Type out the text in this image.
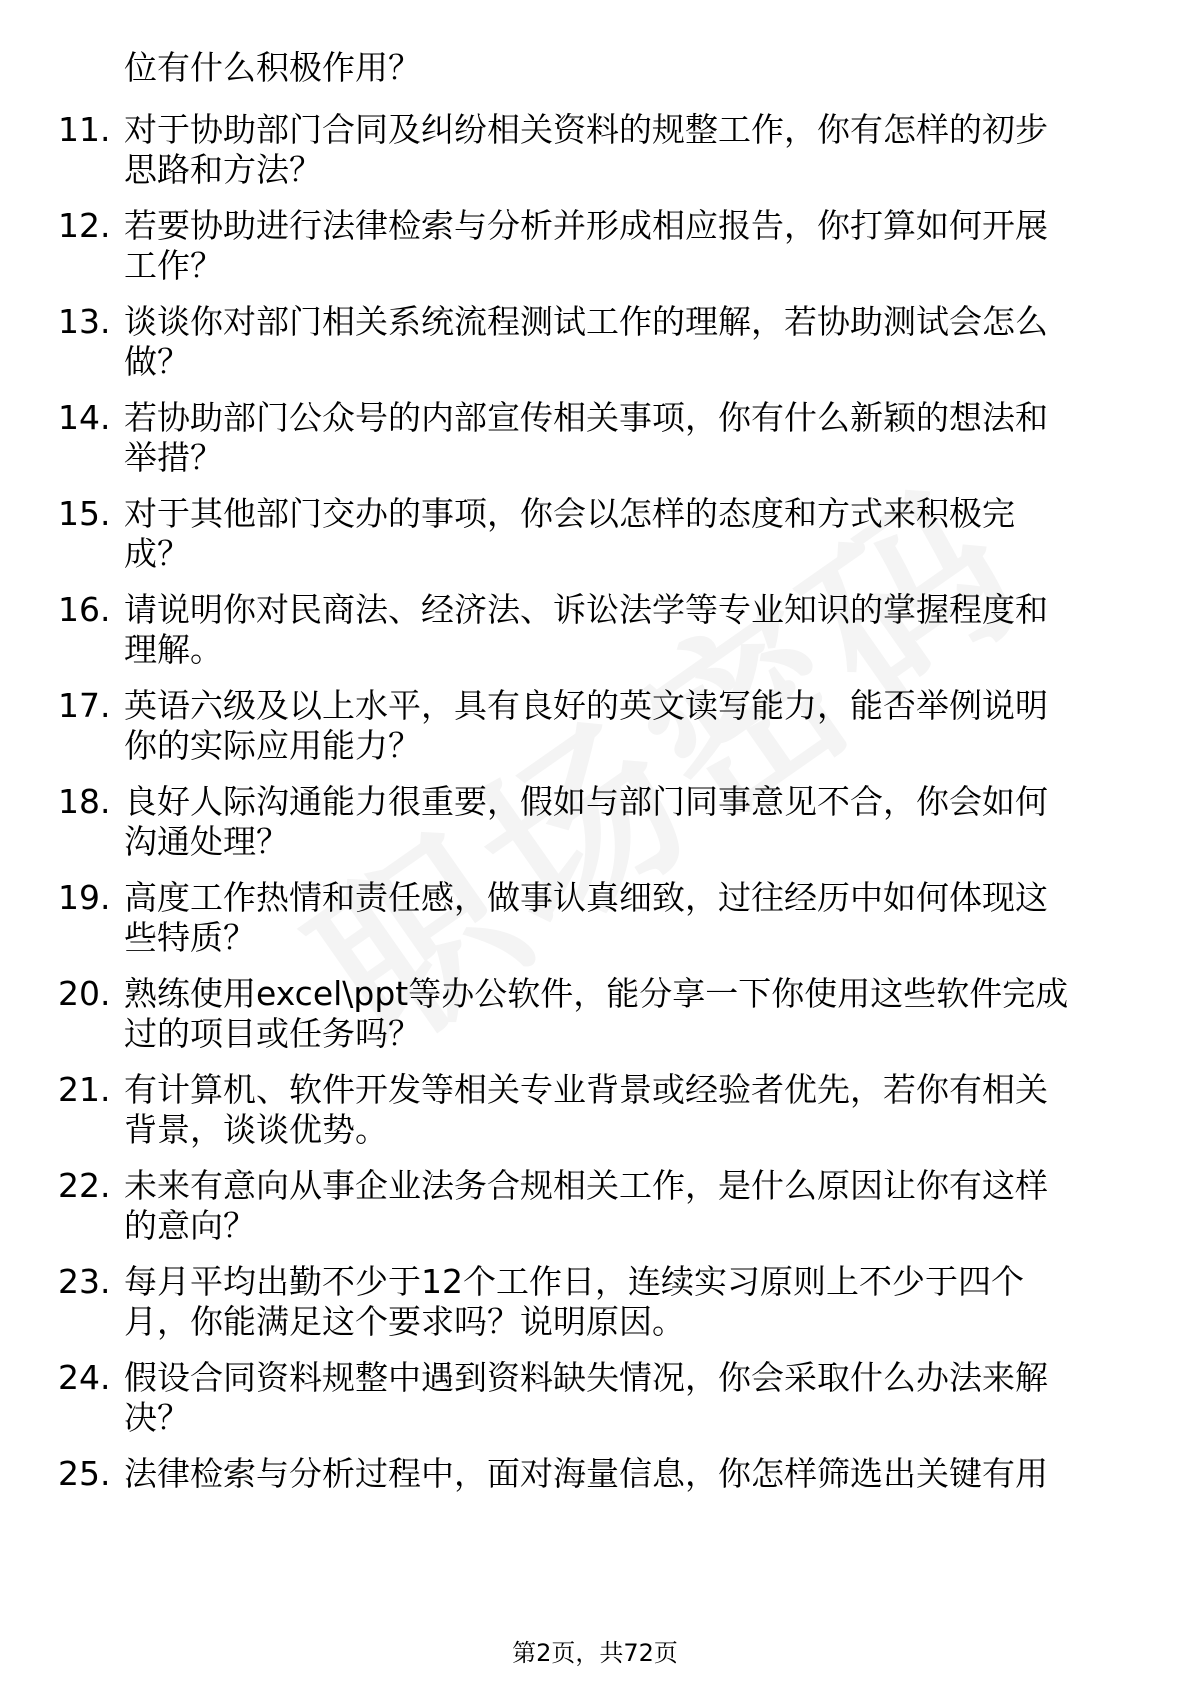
位有什么积极作用？
11. 对于协助部门合同及纠纷相关资料的规整工作，你有怎样的初步
思路和方法？
12. 若要协助进行法律检索与分析并形成相应报告，你打算如何开展
工作？
13. 谈谈你对部门相关系统流程测试工作的理解，若协助测试会怎么
做？
14. 若协助部门公众号的内部宣传相关事项，你有什么新颖的想法和
举措？
15. 对于其他部门交办的事项，你会以怎样的态度和方式来积极完
成？
16. 请说明你对民商法、经济法、诉讼法学等专业知识的掌握程度和
理解。
17. 英语六级及以上水平，具有良好的英文读写能力，能否举例说明
你的实际应用能力？
18. 良好人际沟通能力很重要，假如与部门同事意见不合，你会如何
沟通处理？
19. 高度工作热情和责任感，做事认真细致，过往经历中如何体现这
些特质？
20. 熟练使用excel\ppt等办公软件，能分享一下你使用这些软件完成
过的项目或任务吗？
21. 有计算机、软件开发等相关专业背景或经验者优先，若你有相关
背景，谈谈优势。
22. 未来有意向从事企业法务合规相关工作，是什么原因让你有这样
的意向？
23. 每月平均出勤不少于12个工作日，连续实习原则上不少于四个
月，你能满足这个要求吗？说明原因。
24. 假设合同资料规整中遇到资料缺失情况，你会采取什么办法来解
决？
25. 法律检索与分析过程中，面对海量信息，你怎样筛选出关键有用
第2页，共72页
